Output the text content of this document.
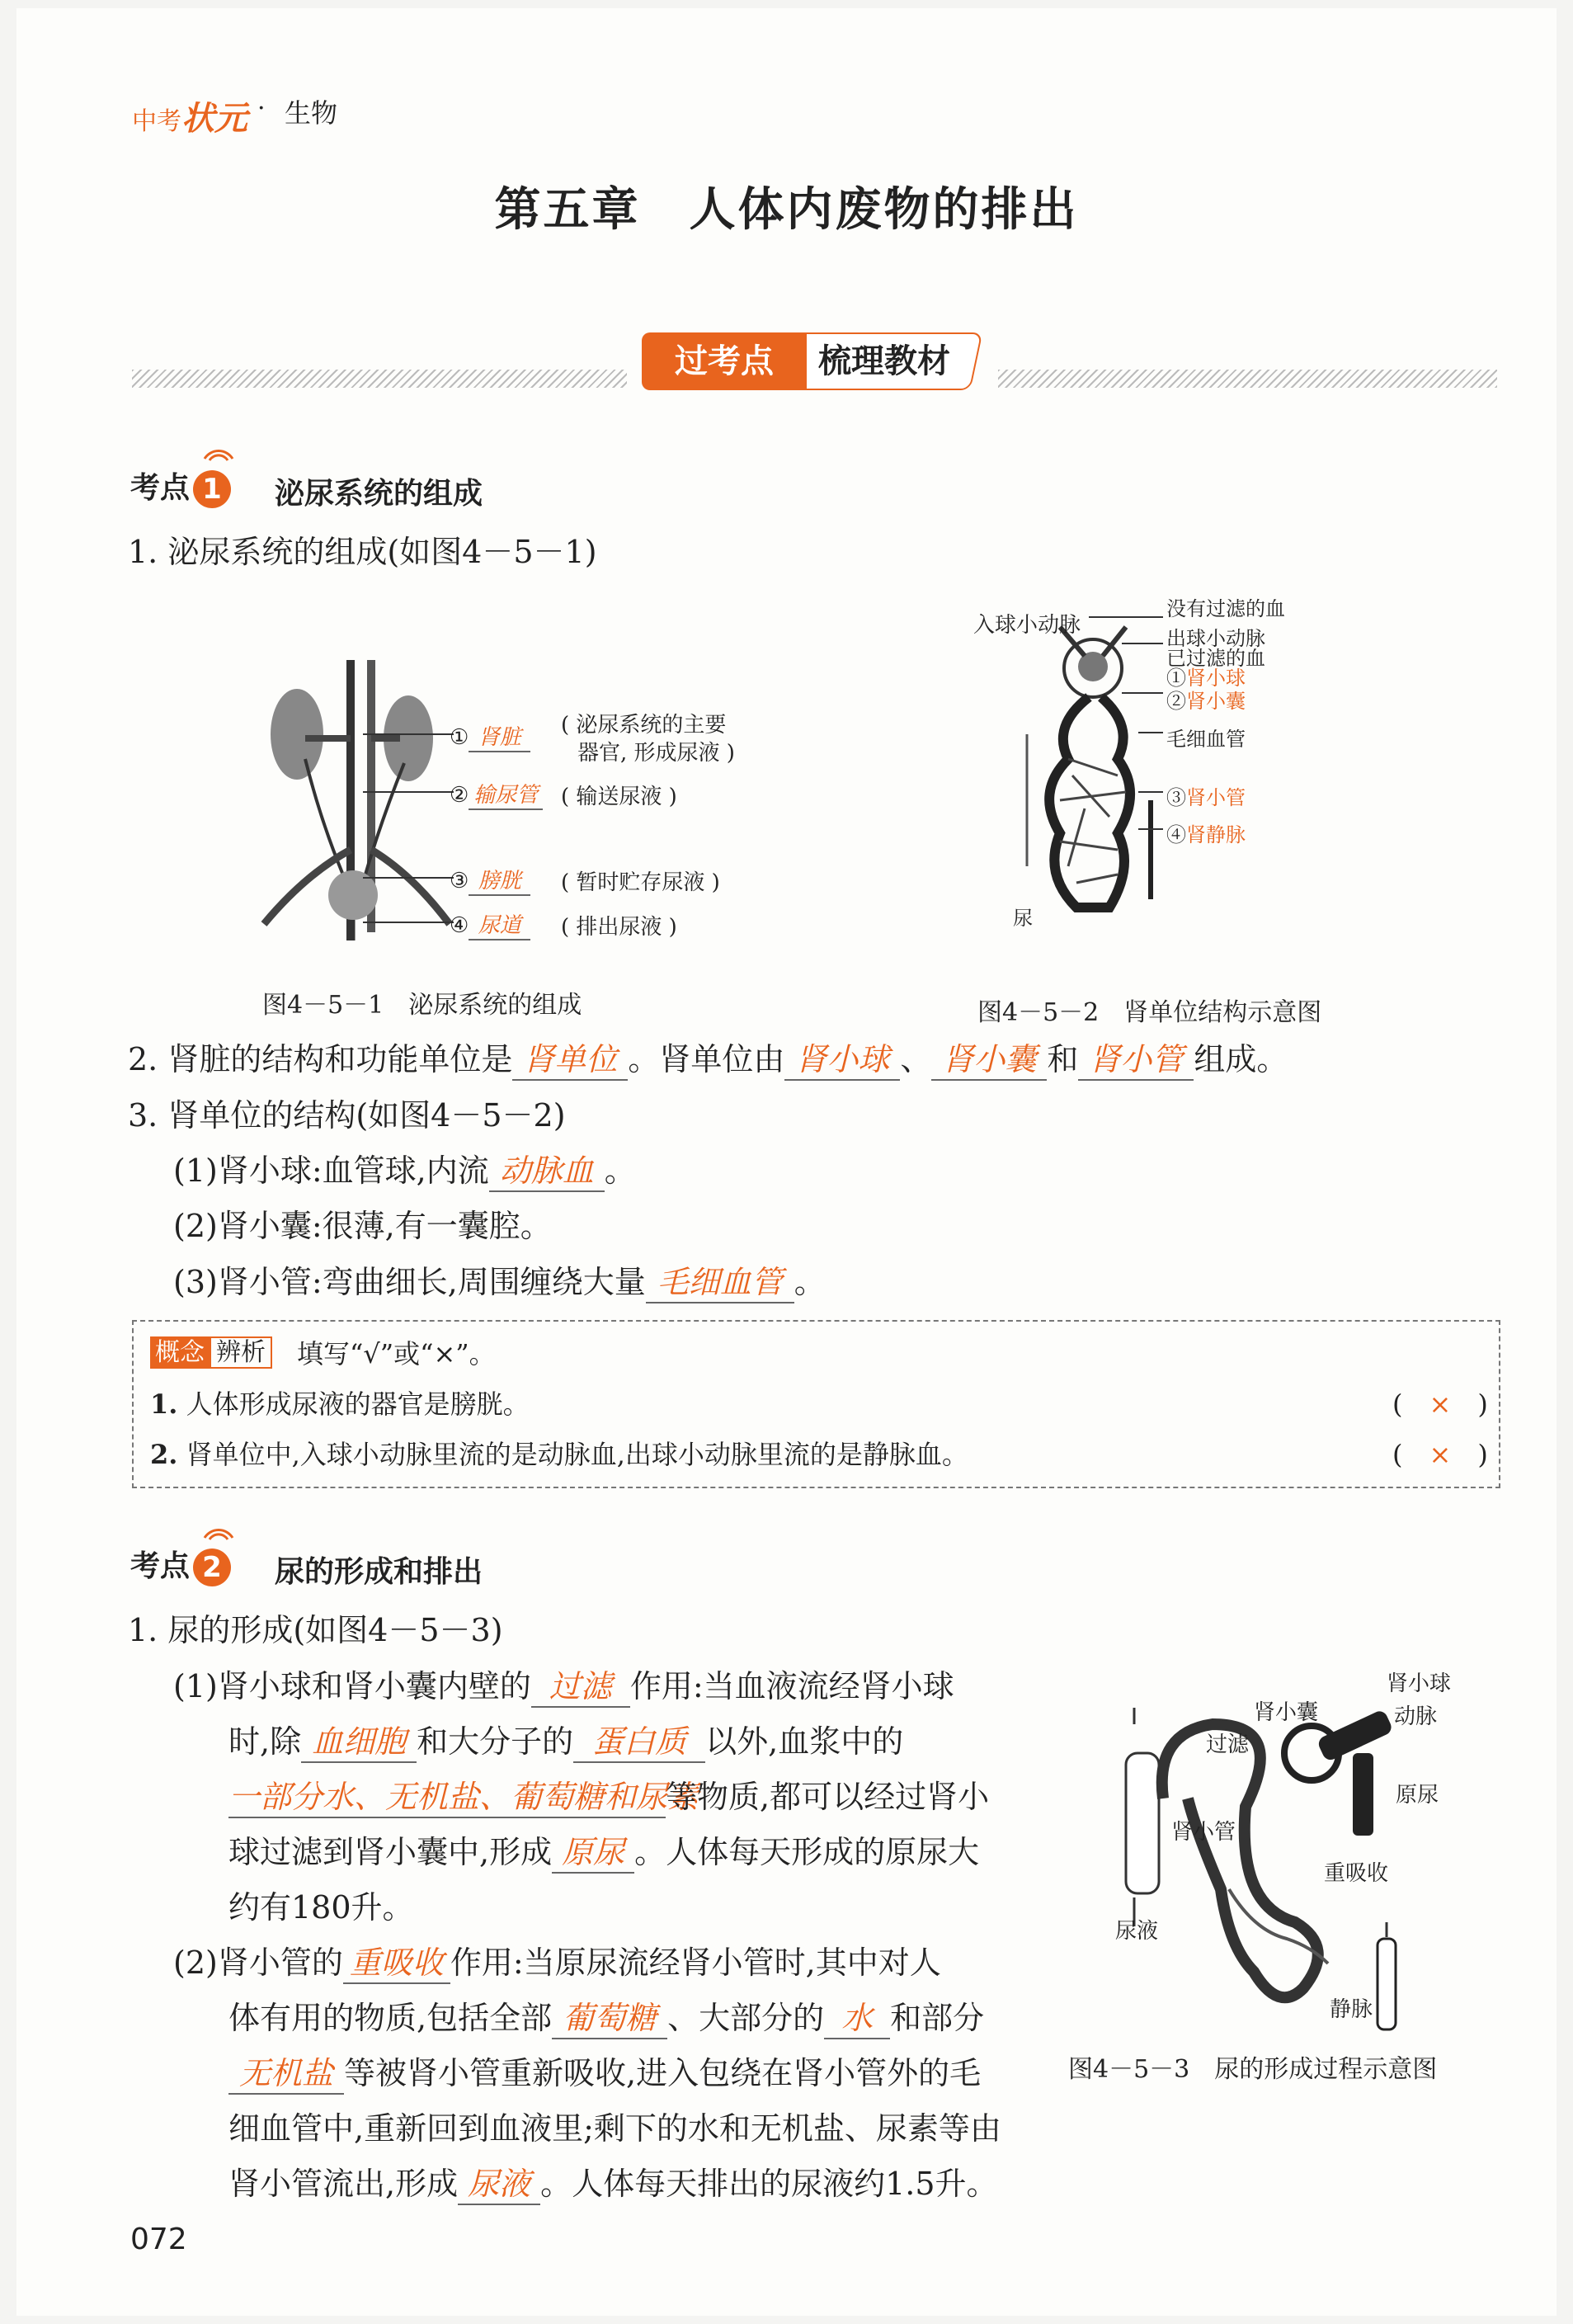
中考状元 · 生物
第五章　人体内废物的排出
梳理教材
过考点
考点 1	泌尿系统的组成
1. 泌尿系统的组成(如图4－5－1)
① 肾脏	( 泌尿系统的主要
器官, 形成尿液 )
② 输尿管 ( 输送尿液 )
③ 膀胱	( 暂时贮存尿液 )
④ 尿道	( 排出尿液 )
图4－5－1　泌尿系统的组成
入球小动脉
没有过滤的血
出球小动脉
已过滤的血
①肾小球
②肾小囊
毛细血管
③肾小管
④肾静脉
尿
图4－5－2　肾单位结构示意图
2. 肾脏的结构和功能单位是 肾单位 。肾单位由 肾小球 、 肾小囊 和 肾小管 组成。
3. 肾单位的结构(如图4－5－2)
(1)肾小球:血管球,内流 动脉血 。
(2)肾小囊:很薄,有一囊腔。
(3)肾小管:弯曲细长,周围缠绕大量 毛细血管 。
概念 辨析 填写“√”或“×”。
1. 人体形成尿液的器官是膀胱。	(　 ×　 )
2. 肾单位中,入球小动脉里流的是动脉血,出球小动脉里流的是静脉血。	(　 ×　 )
考点 2	尿的形成和排出
1. 尿的形成(如图4－5－3)
(1)肾小球和肾小囊内壁的 过滤 作用:当血液流经肾小球
时,除 血细胞 和大分子的 蛋白质 以外,血浆中的
一部分水、无机盐、葡萄糖和尿素等物质,都可以经过肾小
球过滤到肾小囊中,形成 原尿 。人体每天形成的原尿大
约有180升。
(2)肾小管的 重吸收 作用:当原尿流经肾小管时,其中对人
体有用的物质,包括全部 葡萄糖 、大部分的 水 和部分
无机盐 等被肾小管重新吸收,进入包绕在肾小管外的毛
细血管中,重新回到血液里;剩下的水和无机盐、尿素等由
肾小管流出,形成 尿液 。人体每天排出的尿液约1.5升。
肾小球
动脉
肾小囊
过滤
原尿
肾小管
重吸收
尿液
静脉
图4－5－3　尿的形成过程示意图
072
